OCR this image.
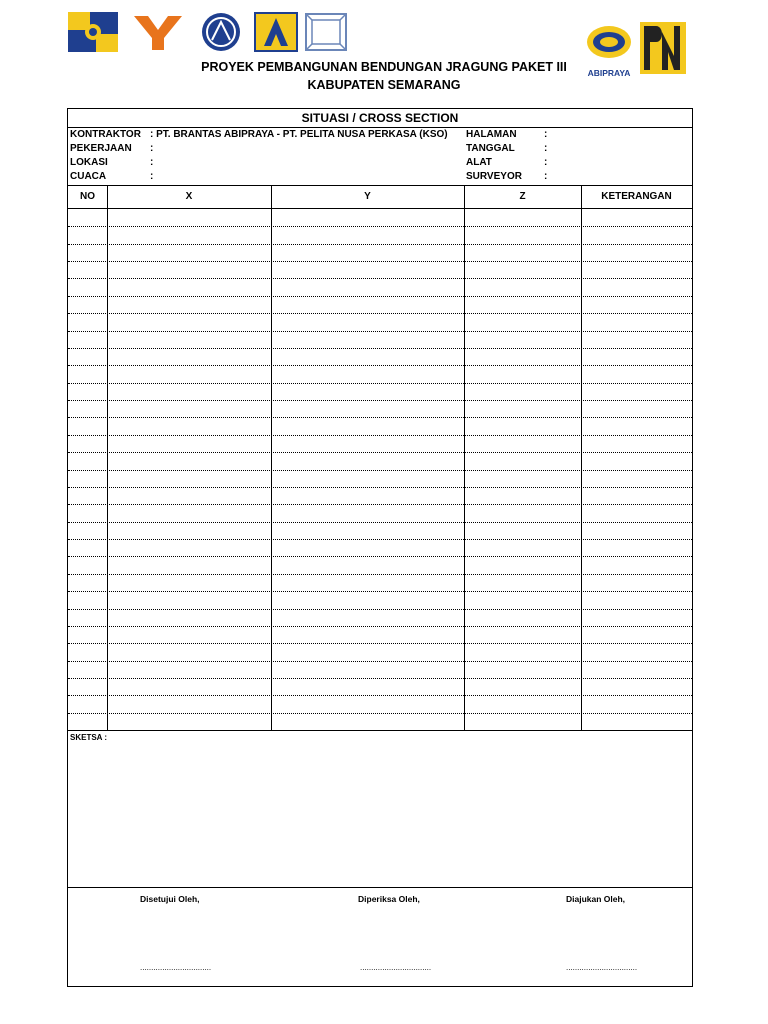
ABIPRAYA
PROYEK PEMBANGUNAN BENDUNGAN JRAGUNG PAKET III
KABUPATEN SEMARANG
SITUASI / CROSS SECTION
KONTRAKTOR : PT. BRANTAS ABIPRAYA - PT. PELITA NUSA PERKASA (KSO)
PEKERJAAN :
LOKASI	:
CUACA	:
HALAMAN	:
TANGGAL	:
ALAT	:
SURVEYOR :
NO	X	Y	Z	KETERANGAN
SKETSA :
Disetujui Oleh,	Diperiksa Oleh,	Diajukan Oleh,
................................	................................	................................
